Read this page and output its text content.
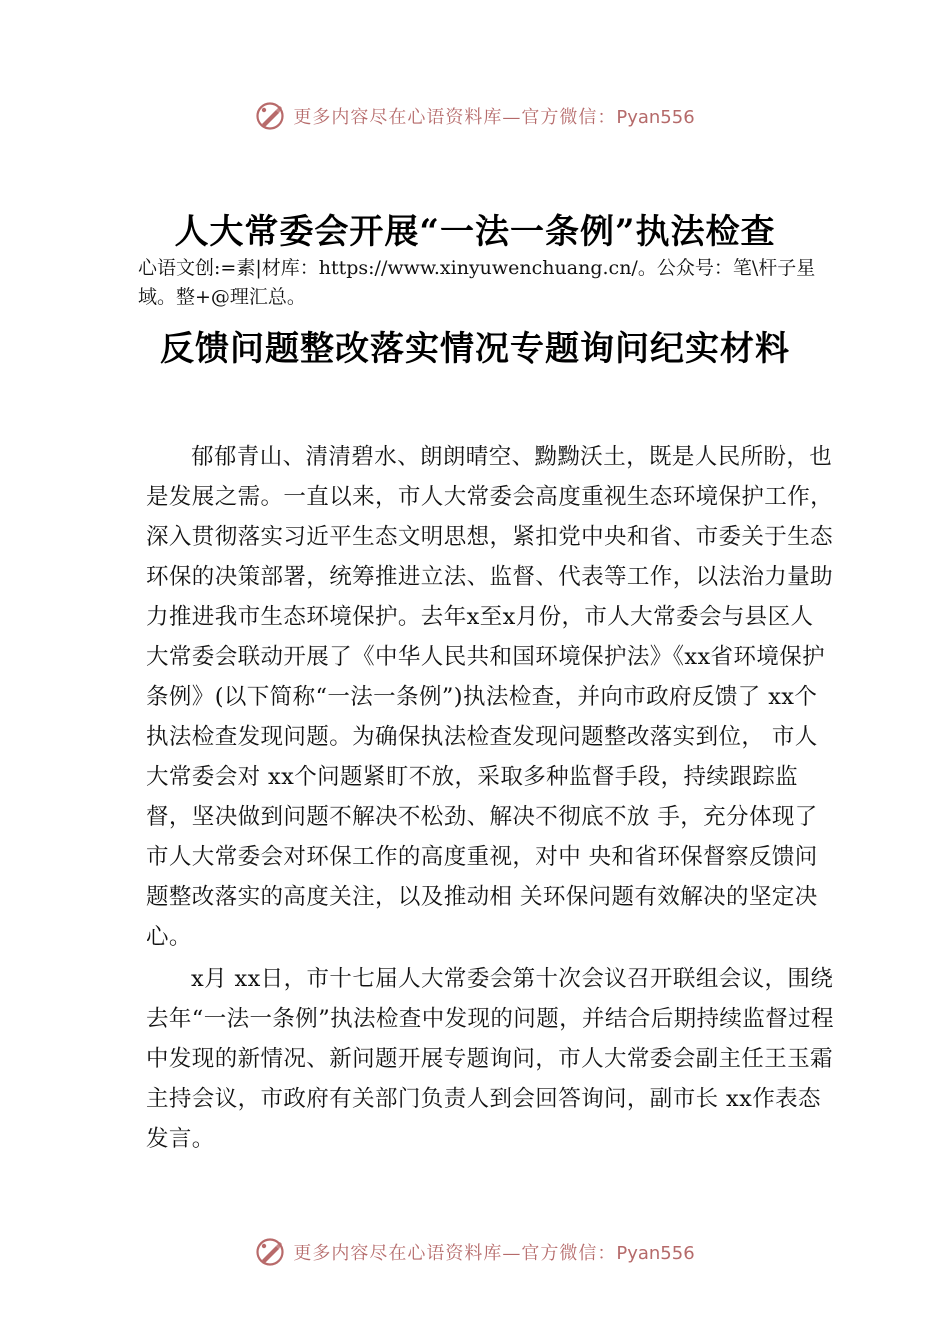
更多内容尽在心语资料库—官方微信：Pyan556
人大常委会开展“一法一条例”执法检查
心语文创:=素|材库：https://www.xinyuwenchuang.cn/。公众号：笔\杆子星域。整+@理汇总。
反馈问题整改落实情况专题询问纪实材料

郁郁青山、清清碧水、朗朗晴空、黝黝沃土，既是人民所盼，也是发展之需。一直以来，市人大常委会高度重视生态环境保护工作，深入贯彻落实习近平生态文明思想，紧扣党中央和省、市委关于生态环保的决策部署，统筹推进立法、监督、代表等工作，以法治力量助力推进我市生态环境保护。去年x至x月份，市人大常委会与县区人大常委会联动开展了《中华人民共和国环境保护法》《xx省环境保护条例》(以下简称“一法一条例”)执法检查，并向市政府反馈了 xx个执法检查发现问题。为确保执法检查发现问题整改落实到位， 市人大常委会对 xx个问题紧盯不放，采取多种监督手段，持续跟踪监督，坚决做到问题不解决不松劲、解决不彻底不放 手，充分体现了市人大常委会对环保工作的高度重视，对中 央和省环保督察反馈问题整改落实的高度关注，以及推动相 关环保问题有效解决的坚定决心。

x月 xx日，市十七届人大常委会第十次会议召开联组会议，围绕去年“一法一条例”执法检查中发现的问题，并结合后期持续监督过程中发现的新情况、新问题开展专题询问，市人大常委会副主任王玉霜主持会议，市政府有关部门负责人到会回答询问，副市长 xx作表态发言。

更多内容尽在心语资料库—官方微信：Pyan556
